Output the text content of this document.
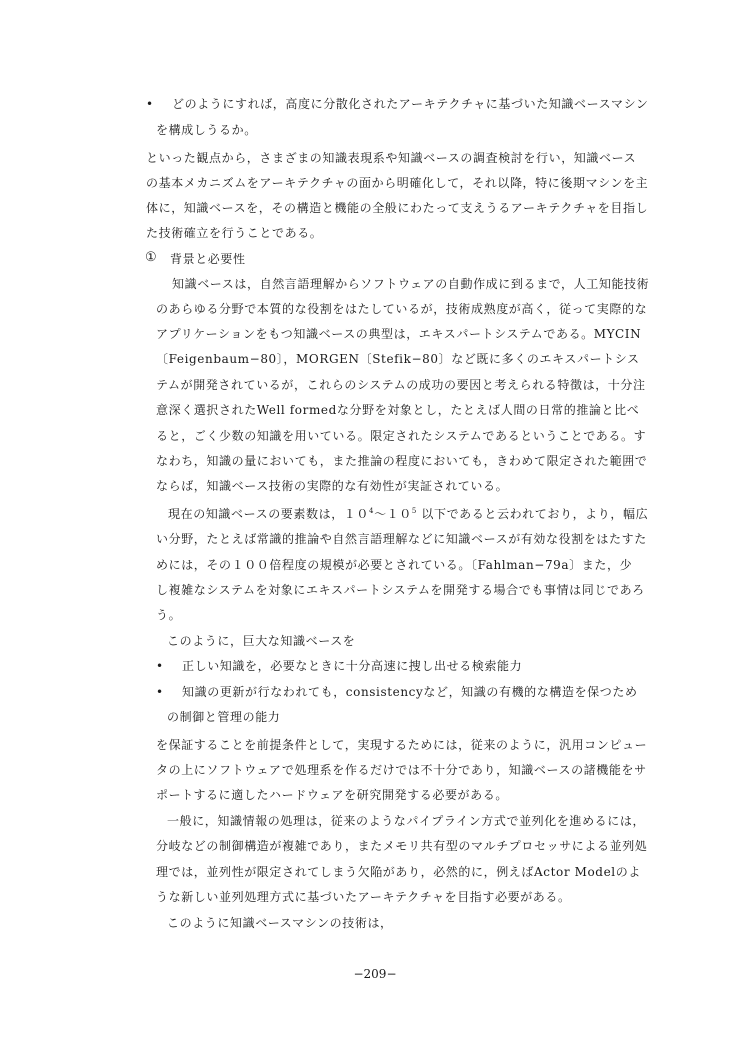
• どのようにすれば，高度に分散化されたアーキテクチャに基づいた知識ベースマシン
を構成しうるか。
といった観点から，さまざまの知識表現系や知識ベースの調査検討を行い，知識ベース
の基本メカニズムをアーキテクチャの面から明確化して，それ以降，特に後期マシンを主
体に，知識ベースを，その構造と機能の全般にわたって支えうるアーキテクチャを目指し
た技術確立を行うことである。
① 背景と必要性
知識ベースは，自然言語理解からソフトウェアの自動作成に到るまで，人工知能技術
のあらゆる分野で本質的な役割をはたしているが，技術成熟度が高く，従って実際的な
アプリケーションをもつ知識ベースの典型は，エキスパートシステムである。MYCIN
〔Feigenbaum−80〕，MORGEN〔Stefik−80〕など既に多くのエキスパートシス
テムが開発されているが，これらのシステムの成功の要因と考えられる特徴は，十分注
意深く選択されたWell formedな分野を対象とし，たとえば人間の日常的推論と比べ
ると，ごく少数の知識を用いている。限定されたシステムであるということである。す
なわち，知識の量においても，また推論の程度においても，きわめて限定された範囲で
ならば，知識ベース技術の実際的な有効性が実証されている。
現在の知識ベースの要素数は，$10^4\sim 10^5$ 以下であると云われており，より，幅広
い分野，たとえば常識的推論や自然言語理解などに知識ベースが有効な役割をはたすた
めには，その１００倍程度の規模が必要とされている。〔Fahlman−79a〕また，少
し複雑なシステムを対象にエキスパートシステムを開発する場合でも事情は同じであろ
う。
このように，巨大な知識ベースを
• 正しい知識を，必要なときに十分高速に捜し出せる検索能力
• 知識の更新が行なわれても，consistencyなど，知識の有機的な構造を保つため
の制御と管理の能力
を保証することを前提条件として，実現するためには，従来のように，汎用コンピュー
タの上にソフトウェアで処理系を作るだけでは不十分であり，知識ベースの諸機能をサ
ポートするに適したハードウェアを研究開発する必要がある。
一般に，知識情報の処理は，従来のようなパイプライン方式で並列化を進めるには，
分岐などの制御構造が複雑であり，またメモリ共有型のマルチプロセッサによる並列処
理では，並列性が限定されてしまう欠陥があり，必然的に，例えばActor Modelのよ
うな新しい並列処理方式に基づいたアーキテクチャを目指す必要がある。
このように知識ベースマシンの技術は，
−209−
